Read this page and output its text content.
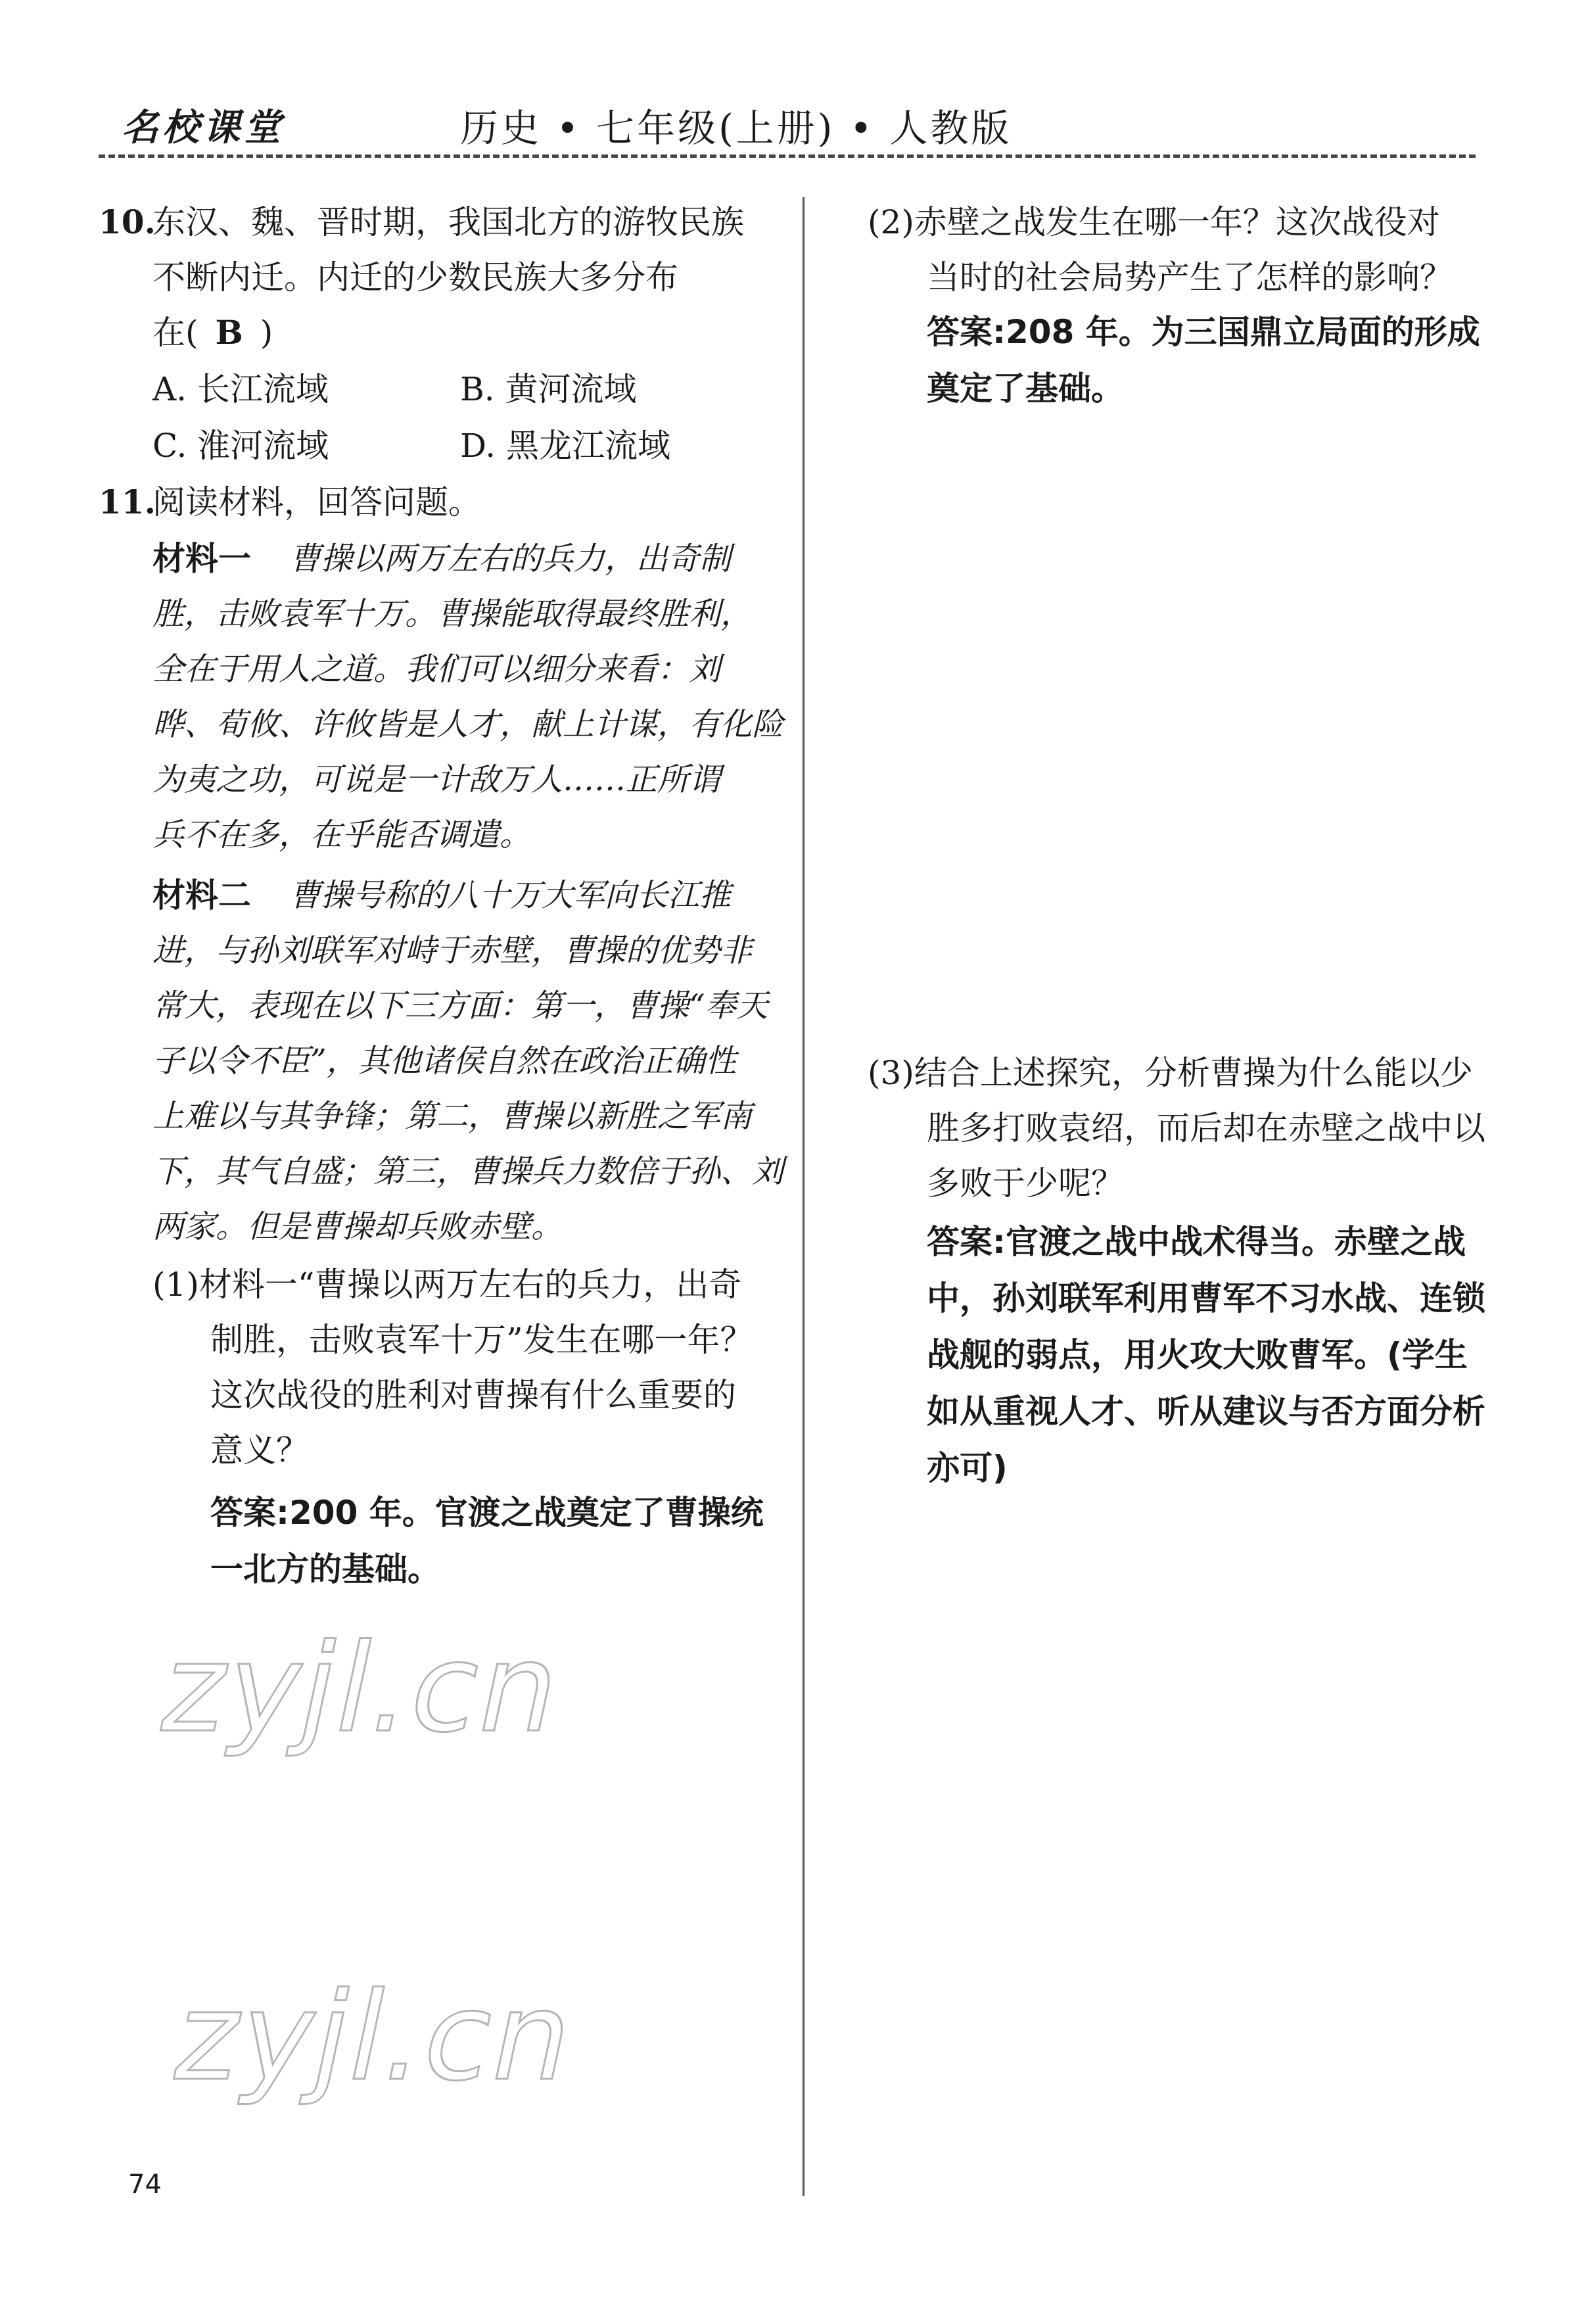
名校课堂	历史 • 七年级(上册) • 人教版
10.
东汉、魏、晋时期，我国北方的游牧民族
不断内迁。内迁的少数民族大多分布
在( B )
A. 长江流域	B. 黄河流域
C. 淮河流域	D. 黑龙江流域
11.
阅读材料，回答问题。
材料一 曹操以两万左右的兵力，出奇制
胜，击败袁军十万。曹操能取得最终胜利，
全在于用人之道。我们可以细分来看：刘
晔、荀攸、许攸皆是人才，献上计谋，有化险
为夷之功，可说是一计敌万人……正所谓
兵不在多，在乎能否调遣。
材料二 曹操号称的八十万大军向长江推
进，与孙刘联军对峙于赤壁，曹操的优势非
常大，表现在以下三方面：第一，曹操“奉天
子以令不臣”，其他诸侯自然在政治正确性
上难以与其争锋；第二，曹操以新胜之军南
下，其气自盛；第三，曹操兵力数倍于孙、刘
两家。但是曹操却兵败赤壁。
(1)材料一“曹操以两万左右的兵力，出奇
制胜，击败袁军十万”发生在哪一年？
这次战役的胜利对曹操有什么重要的
意义？
答案:200 年。官渡之战奠定了曹操统
一北方的基础。
(2)赤壁之战发生在哪一年？这次战役对
当时的社会局势产生了怎样的影响？
答案:208 年。为三国鼎立局面的形成
奠定了基础。
(3)结合上述探究，分析曹操为什么能以少
胜多打败袁绍，而后却在赤壁之战中以
多败于少呢？
答案:官渡之战中战术得当。赤壁之战
中，孙刘联军利用曹军不习水战、连锁
战舰的弱点，用火攻大败曹军。(学生
如从重视人才、听从建议与否方面分析
亦可)
zyjl.cn
zyjl.cn
74
